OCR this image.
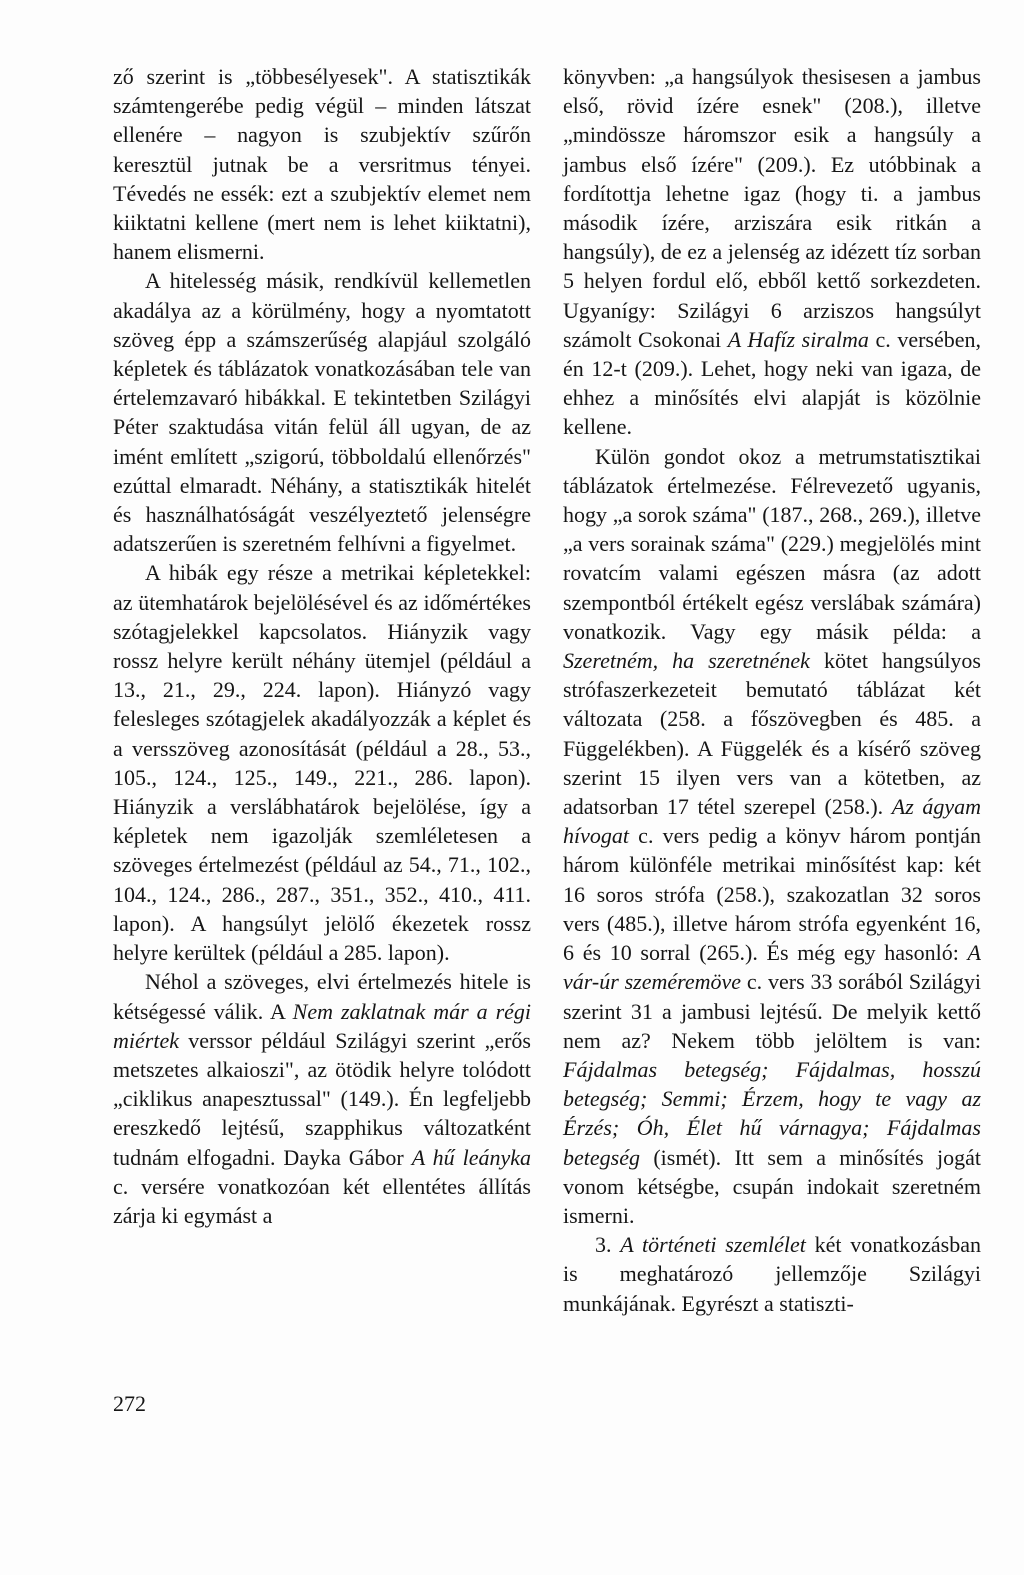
ző szerint is „többesélyesek". A statisztikák számtengerébe pedig végül – minden látszat ellenére – nagyon is szubjektív szűrőn keresztül jutnak be a versritmus tényei. Tévedés ne essék: ezt a szubjektív elemet nem kiiktatni kellene (mert nem is lehet kiiktatni), hanem elismerni.

A hitelesség másik, rendkívül kellemetlen akadálya az a körülmény, hogy a nyomtatott szöveg épp a számszerűség alapjául szolgáló képletek és táblázatok vonatkozásában tele van értelemzavaró hibákkal. E tekintetben Szilágyi Péter szaktudása vitán felül áll ugyan, de az imént említett „szigorú, többoldalú ellenőrzés" ezúttal elmaradt. Néhány, a statisztikák hitelét és használhatóságát veszélyeztető jelenségre adatszerűen is szeretném felhívni a figyelmet.

A hibák egy része a metrikai képletekkel: az ütemhatárok bejelölésével és az időmértékes szótagjelekkel kapcsolatos. Hiányzik vagy rossz helyre került néhány ütemjel (például a 13., 21., 29., 224. lapon). Hiányzó vagy felesleges szótagjelek akadályozzák a képlet és a versszöveg azonosítását (például a 28., 53., 105., 124., 125., 149., 221., 286. lapon). Hiányzik a verslábhatárok bejelölése, így a képletek nem igazolják szemléletesen a szöveges értelmezést (például az 54., 71., 102., 104., 124., 286., 287., 351., 352., 410., 411. lapon). A hangsúlyt jelölő ékezetek rossz helyre kerültek (például a 285. lapon).

Néhol a szöveges, elvi értelmezés hitele is kétségessé válik. A Nem zaklatnak már a régi miértek verssor például Szilágyi szerint „erős metszetes alkaioszi", az ötödik helyre tolódott „ciklikus anapesztussal" (149.). Én legfeljebb ereszkedő lejtésű, szapphikus változatként tudnám elfogadni. Dayka Gábor A hű leányka c. versére vonatkozóan két ellentétes állítás zárja ki egymást a

könyvben: „a hangsúlyok thesisesen a jambus első, rövid ízére esnek" (208.), illetve „mindössze háromszor esik a hangsúly a jambus első ízére" (209.). Ez utóbbinak a fordítottja lehetne igaz (hogy ti. a jambus második ízére, arziszára esik ritkán a hangsúly), de ez a jelenség az idézett tíz sorban 5 helyen fordul elő, ebből kettő sorkezdeten. Ugyanígy: Szilágyi 6 arziszos hangsúlyt számolt Csokonai A Hafíz siralma c. versében, én 12-t (209.). Lehet, hogy neki van igaza, de ehhez a minősítés elvi alapját is közölnie kellene.

Külön gondot okoz a metrumstatisztikai táblázatok értelmezése. Félrevezető ugyanis, hogy „a sorok száma" (187., 268., 269.), illetve „a vers sorainak száma" (229.) megjelölés mint rovatcím valami egészen másra (az adott szempontból értékelt egész verslábak számára) vonatkozik. Vagy egy másik példa: a Szeretném, ha szeretnének kötet hangsúlyos strófaszerkezeteit bemutató táblázat két változata (258. a főszövegben és 485. a Függelékben). A Függelék és a kísérő szöveg szerint 15 ilyen vers van a kötetben, az adatsorban 17 tétel szerepel (258.). Az ágyam hívogat c. vers pedig a könyv három pontján három különféle metrikai minősítést kap: két 16 soros strófa (258.), szakozatlan 32 soros vers (485.), illetve három strófa egyenként 16, 6 és 10 sorral (265.). És még egy hasonló: A vár-úr szeméremöve c. vers 33 sorából Szilágyi szerint 31 a jambusi lejtésű. De melyik kettő nem az? Nekem több jelöltem is van: Fájdalmas betegség; Fájdalmas, hosszú betegség; Semmi; Érzem, hogy te vagy az Érzés; Óh, Élet hű várnagya; Fájdalmas betegség (ismét). Itt sem a minősítés jogát vonom kétségbe, csupán indokait szeretném ismerni.

3. A történeti szemlélet két vonatkozásban is meghatározó jellemzője Szilágyi munkájának. Egyrészt a statiszti-

272
